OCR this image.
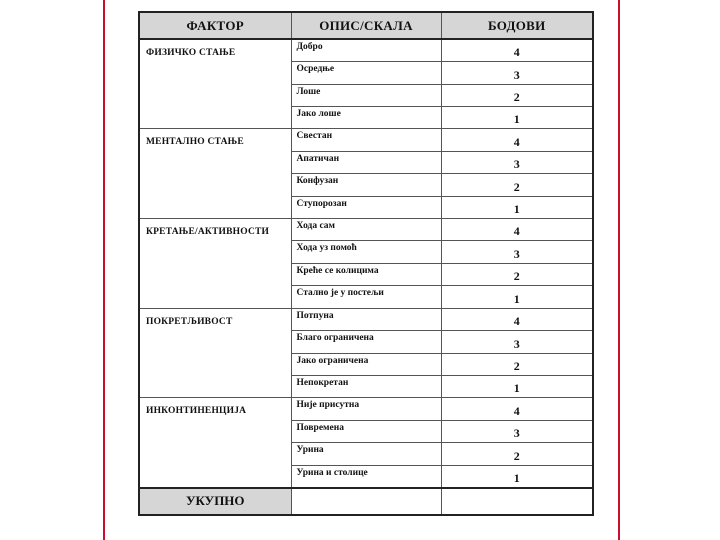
ФАКТОР	ОПИС/СКАЛА	БОДОВИ
ФИЗИЧКО СТАЊЕ	Добро	4
	Осредње	3
	Лоше	2
	Јако лоше	1
МЕНТАЛНО СТАЊЕ	Свестан	4
	Апатичан	3
	Конфузан	2
	Ступорозан	1
КРЕТАЊЕ/АКТИВНОСТИ	Хода сам	4
	Хода уз помоћ	3
	Креће се колицима	2
	Стално је у постељи	1
ПОКРЕТЉИВОСТ	Потпуна	4
	Благо ограничена	3
	Јако ограничена	2
	Непокретан	1
ИНКОНТИНЕНЦИЈА	Није присутна	4
	Повремена	3
	Урина	2
	Урина и столице	1
УКУПНО		
